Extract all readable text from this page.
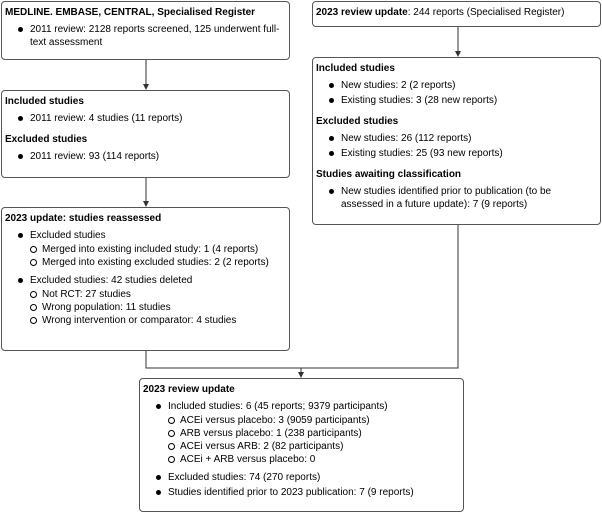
MEDLINE. EMBASE, CENTRAL, Specialised Register
2011 review: 2128 reports screened, 125 underwent full-text assessment
Included studies
2011 review: 4 studies (11 reports)
Excluded studies
2011 review: 93 (114 reports)
2023 update: studies reassessed
Excluded studies
Merged into existing included study: 1 (4 reports)
Merged into existing excluded studies: 2 (2 reports)
Excluded studies: 42 studies deleted
Not RCT: 27 studies
Wrong population: 11 studies
Wrong intervention or comparator: 4 studies
2023 review update: 244 reports (Specialised Register)
Included studies
New studies: 2 (2 reports)
Existing studies: 3 (28 new reports)
Excluded studies
New studies: 26 (112 reports)
Existing studies: 25 (93 new reports)
Studies awaiting classification
New studies identified prior to publication (to be assessed in a future update): 7 (9 reports)
2023 review update
Included studies: 6 (45 reports; 9379 participants)
ACEi versus placebo: 3 (9059 participants)
ARB versus placebo: 1 (238 participants)
ACEi versus ARB: 2 (82 participants)
ACEi + ARB versus placebo: 0
Excluded studies: 74 (270 reports)
Studies identified prior to 2023 publication: 7 (9 reports)
